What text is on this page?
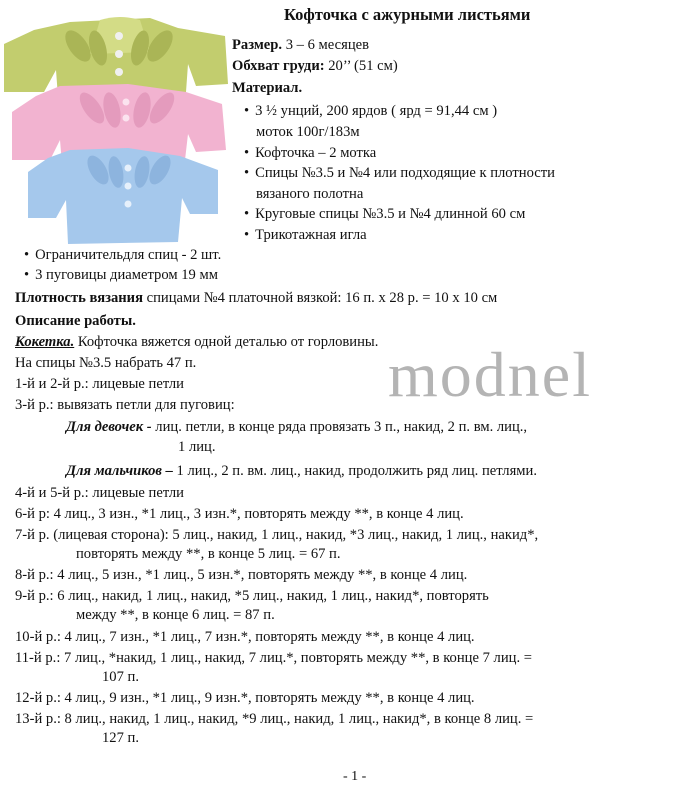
Кофточка с ажурными листьями
Размер. 3 – 6 месяцев
Обхват груди: 20’’ (51 см)
Материал.
• 3 ½ унций, 200 ярдов ( ярд = 91,44 см )
моток 100г/183м
• Кофточка – 2 мотка
• Спицы №3.5 и №4 или подходящие к плотности
вязаного полотна
• Круговые спицы №3.5 и №4 длинной 60 см
• Трикотажная игла
• Ограничительдля спиц - 2 шт.
• 3 пуговицы диаметром 19 мм
Плотность вязания спицами №4 платочной вязкой: 16 п. х 28 р. = 10 х 10 см
Описание работы.
Кокетка. Кофточка вяжется одной деталью от горловины. modnel
На спицы №3.5 набрать 47 п.
1-й и 2-й р.: лицевые петли
3-й р.: вывязать петли для пуговиц:
Для девочек - лиц. петли, в конце ряда провязать 3 п., накид, 2 п. вм. лиц.,
1 лиц.
Для мальчиков – 1 лиц., 2 п. вм. лиц., накид, продолжить ряд лиц. петлями.
4-й и 5-й р.: лицевые петли
6-й р: 4 лиц., 3 изн., *1 лиц., 3 изн.*, повторять между **, в конце 4 лиц.
7-й р. (лицевая сторона): 5 лиц., накид, 1 лиц., накид, *3 лиц., накид, 1 лиц., накид*,
повторять между **, в конце 5 лиц. = 67 п.
8-й р.: 4 лиц., 5 изн., *1 лиц., 5 изн.*, повторять между **, в конце 4 лиц.
9-й р.: 6 лиц., накид, 1 лиц., накид, *5 лиц., накид, 1 лиц., накид*, повторять
между **, в конце 6 лиц. = 87 п.
10-й р.: 4 лиц., 7 изн., *1 лиц., 7 изн.*, повторять между **, в конце 4 лиц.
11-й р.: 7 лиц., *накид, 1 лиц., накид, 7 лиц.*, повторять между **, в конце 7 лиц. =
107 п.
12-й р.: 4 лиц., 9 изн., *1 лиц., 9 изн.*, повторять между **, в конце 4 лиц.
13-й р.: 8 лиц., накид, 1 лиц., накид, *9 лиц., накид, 1 лиц., накид*, в конце 8 лиц. =
127 п.
- 1 -
